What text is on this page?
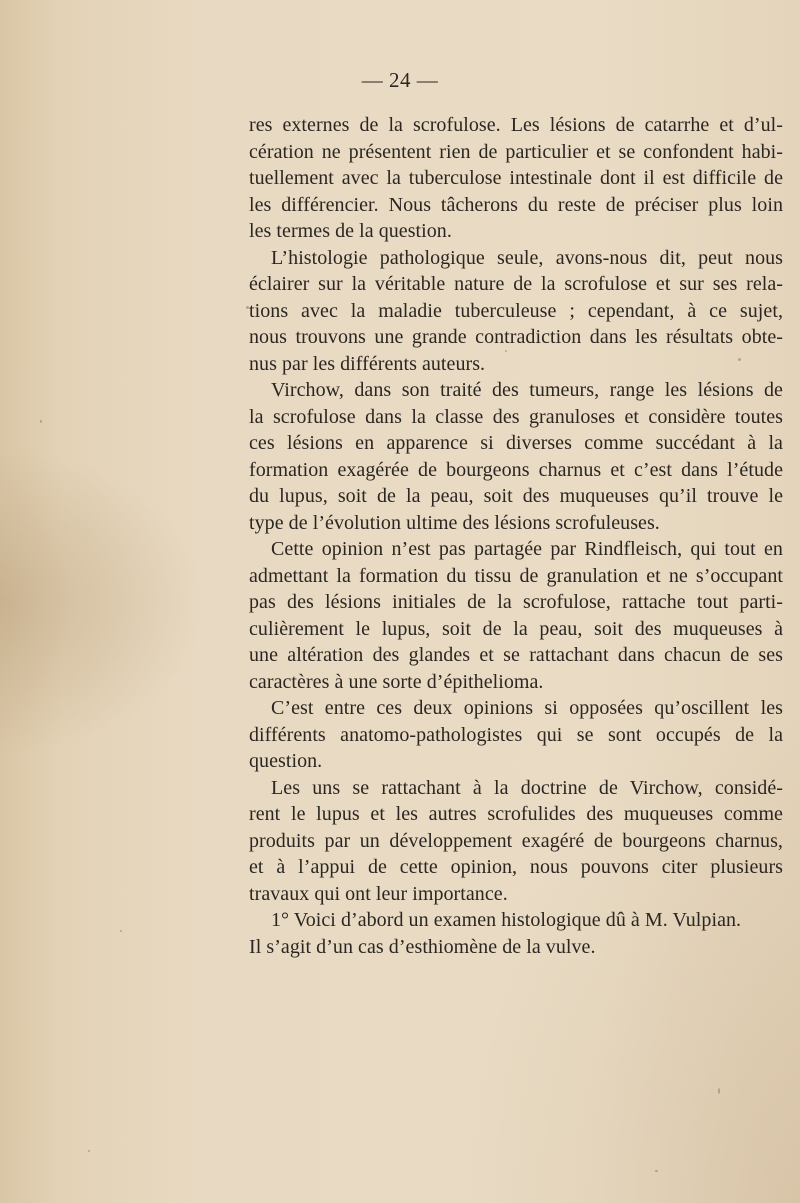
— 24 —
res externes de la scrofulose. Les lésions de catarrhe et d’ul-
cération ne présentent rien de particulier et se confondent habi-
tuellement avec la tuberculose intestinale dont il est difficile de
les différencier. Nous tâcherons du reste de préciser plus loin
les termes de la question.
L’histologie pathologique seule, avons-nous dit, peut nous
éclairer sur la véritable nature de la scrofulose et sur ses rela-
tions avec la maladie tuberculeuse ; cependant, à ce sujet,
nous trouvons une grande contradiction dans les résultats obte-
nus par les différents auteurs.
Virchow, dans son traité des tumeurs, range les lésions de
la scrofulose dans la classe des granuloses et considère toutes
ces lésions en apparence si diverses comme succédant à la
formation exagérée de bourgeons charnus et c’est dans l’étude
du lupus, soit de la peau, soit des muqueuses qu’il trouve le
type de l’évolution ultime des lésions scrofuleuses.
Cette opinion n’est pas partagée par Rindfleisch, qui tout en
admettant la formation du tissu de granulation et ne s’occupant
pas des lésions initiales de la scrofulose, rattache tout parti-
culièrement le lupus, soit de la peau, soit des muqueuses à
une altération des glandes et se rattachant dans chacun de ses
caractères à une sorte d’épithelioma.
C’est entre ces deux opinions si opposées qu’oscillent les
différents anatomo-pathologistes qui se sont occupés de la
question.
Les uns se rattachant à la doctrine de Virchow, considé-
rent le lupus et les autres scrofulides des muqueuses comme
produits par un développement exagéré de bourgeons charnus,
et à l’appui de cette opinion, nous pouvons citer plusieurs
travaux qui ont leur importance.
1° Voici d’abord un examen histologique dû à M. Vulpian.
Il s’agit d’un cas d’esthiomène de la vulve.
